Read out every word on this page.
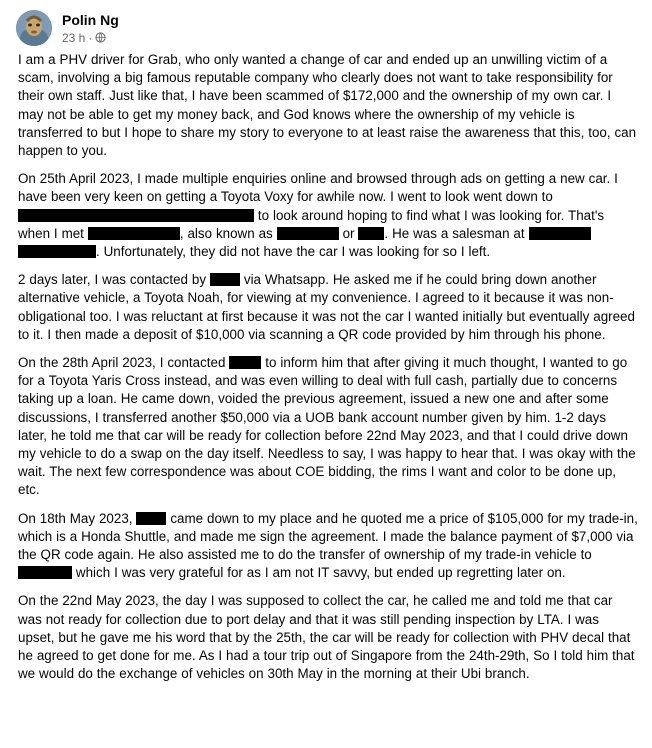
Polin Ng
23 h ·

I am a PHV driver for Grab, who only wanted a change of car and ended up an unwilling victim of a scam, involving a big famous reputable company who clearly does not want to take responsibility for their own staff. Just like that, I have been scammed of $172,000 and the ownership of my own car. I may not be able to get my money back, and God knows where the ownership of my vehicle is transferred to but I hope to share my story to everyone to at least raise the awareness that this, too, can happen to you.

On 25th April 2023, I made multiple enquiries online and browsed through ads on getting a new car. I have been very keen on getting a Toyota Voxy for awhile now. I went to look went down to  to look around hoping to find what I was looking for. That's when I met	, also known as	or . He was a salesman at  . Unfortunately, they did not have the car I was looking for so I left.

2 days later, I was contacted by	via Whatsapp. He asked me if he could bring down another alternative vehicle, a Toyota Noah, for viewing at my convenience. I agreed to it because it was non-obligational too. I was reluctant at first because it was not the car I wanted initially but eventually agreed to it. I then made a deposit of $10,000 via scanning a QR code provided by him through his phone.

On the 28th April 2023, I contacted	to inform him that after giving it much thought, I wanted to go for a Toyota Yaris Cross instead, and was even willing to deal with full cash, partially due to concerns taking up a loan. He came down, voided the previous agreement, issued a new one and after some discussions, I transferred another $50,000 via a UOB bank account number given by him. 1-2 days later, he told me that car will be ready for collection before 22nd May 2023, and that I could drive down my vehicle to do a swap on the day itself. Needless to say, I was happy to hear that. I was okay with the wait. The next few correspondence was about COE bidding, the rims I want and color to be done up, etc.

On 18th May 2023,	came down to my place and he quoted me a price of $105,000 for my trade-in, which is a Honda Shuttle, and made me sign the agreement. I made the balance payment of $7,000 via the QR code again. He also assisted me to do the transfer of ownership of my trade-in vehicle to  which I was very grateful for as I am not IT savvy, but ended up regretting later on.

On the 22nd May 2023, the day I was supposed to collect the car, he called me and told me that car was not ready for collection due to port delay and that it was still pending inspection by LTA. I was upset, but he gave me his word that by the 25th, the car will be ready for collection with PHV decal that he agreed to get done for me. As I had a tour trip out of Singapore from the 24th-29th, So I told him that we would do the exchange of vehicles on 30th May in the morning at their Ubi branch.
